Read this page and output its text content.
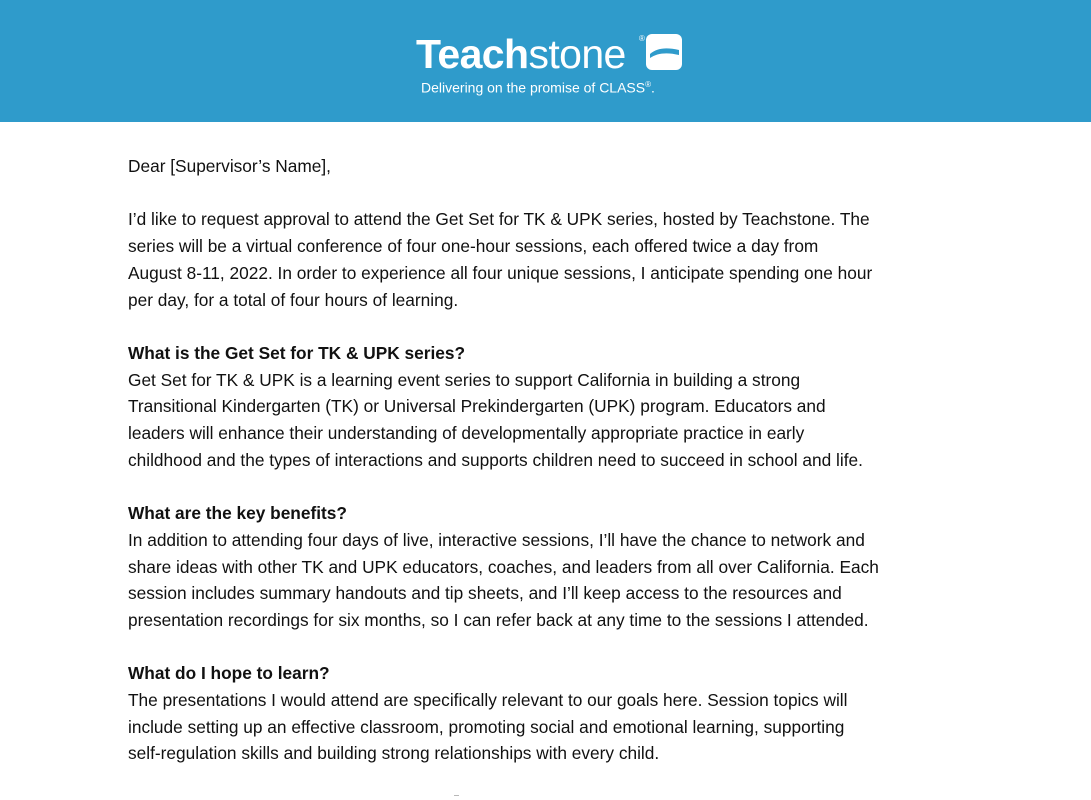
Teachstone ®
Delivering on the promise of CLASS®.

Dear [Supervisor’s Name],

I’d like to request approval to attend the Get Set for TK & UPK series, hosted by Teachstone. The
series will be a virtual conference of four one-hour sessions, each offered twice a day from
August 8-11, 2022. In order to experience all four unique sessions, I anticipate spending one hour
per day, for a total of four hours of learning.

What is the Get Set for TK & UPK series?

Get Set for TK & UPK is a learning event series to support California in building a strong
Transitional Kindergarten (TK) or Universal Prekindergarten (UPK) program. Educators and
leaders will enhance their understanding of developmentally appropriate practice in early
childhood and the types of interactions and supports children need to succeed in school and life.

What are the key benefits?

In addition to attending four days of live, interactive sessions, I’ll have the chance to network and
share ideas with other TK and UPK educators, coaches, and leaders from all over California. Each
session includes summary handouts and tip sheets, and I’ll keep access to the resources and
presentation recordings for six months, so I can refer back at any time to the sessions I attended.

What do I hope to learn?

The presentations I would attend are specifically relevant to our goals here. Session topics will
include setting up an effective classroom, promoting social and emotional learning, supporting
self-regulation skills and building strong relationships with every child.
